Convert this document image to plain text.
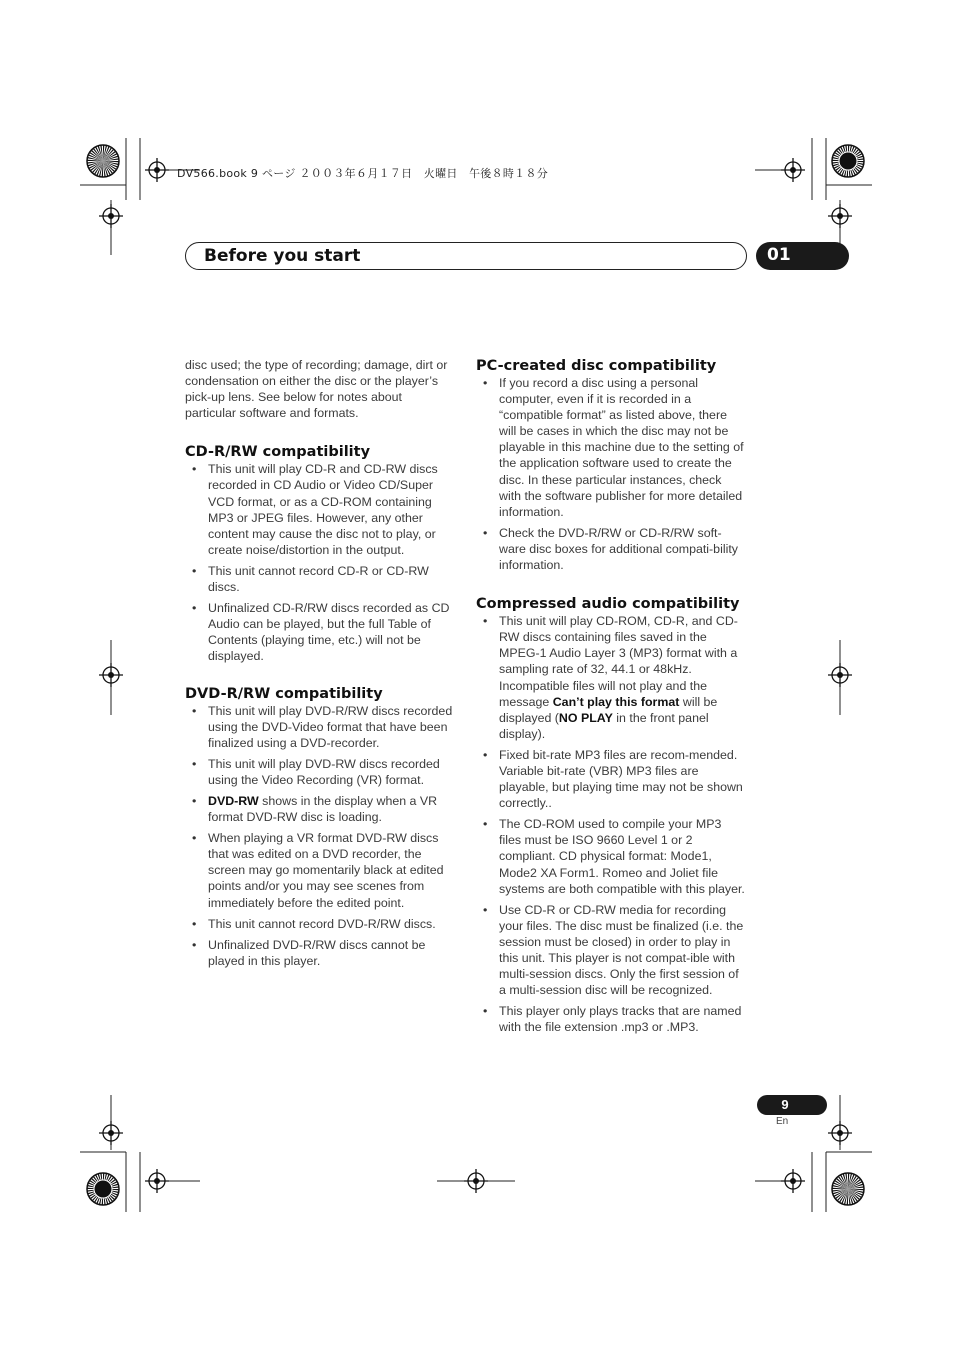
DV566.book 9 ページ ２００３年６月１７日　火曜日　午後８時１８分
Before you start	01

disc used; the type of recording; damage, dirt or condensation on either the disc or the player’s pick-up lens. See below for notes about particular software and formats.

CD-R/RW compatibility
• This unit will play CD-R and CD-RW discs recorded in CD Audio or Video CD/Super VCD format, or as a CD-ROM containing MP3 or JPEG files. However, any other content may cause the disc not to play, or create noise/distortion in the output.
• This unit cannot record CD-R or CD-RW discs.
• Unfinalized CD-R/RW discs recorded as CD Audio can be played, but the full Table of Contents (playing time, etc.) will not be displayed.
DVD-R/RW compatibility
• This unit will play DVD-R/RW discs recorded using the DVD-Video format that have been finalized using a DVD-recorder.
• This unit will play DVD-RW discs recorded using the Video Recording (VR) format.
• DVD-RW shows in the display when a VR format DVD-RW disc is loading.
• When playing a VR format DVD-RW discs that was edited on a DVD recorder, the screen may go momentarily black at edited points and/or you may see scenes from immediately before the edited point.
• This unit cannot record DVD-R/RW discs.
• Unfinalized DVD-R/RW discs cannot be played in this player.
PC-created disc compatibility
• If you record a disc using a personal computer, even if it is recorded in a “compatible format” as listed above, there will be cases in which the disc may not be playable in this machine due to the setting of the application software used to create the disc. In these particular instances, check with the software publisher for more detailed information.
• Check the DVD-R/RW or CD-R/RW soft-ware disc boxes for additional compati-bility information.
Compressed audio compatibility
• This unit will play CD-ROM, CD-R, and CD-RW discs containing files saved in the MPEG-1 Audio Layer 3 (MP3) format with a sampling rate of 32, 44.1 or 48kHz. Incompatible files will not play and the message Can’t play this format will be displayed (NO PLAY in the front panel display).
• Fixed bit-rate MP3 files are recom-mended. Variable bit-rate (VBR) MP3 files are playable, but playing time may not be shown correctly..
• The CD-ROM used to compile your MP3 files must be ISO 9660 Level 1 or 2 compliant. CD physical format: Mode1, Mode2 XA Form1. Romeo and Joliet file systems are both compatible with this player.
• Use CD-R or CD-RW media for recording your files. The disc must be finalized (i.e. the session must be closed) in order to play in this unit. This player is not compat-ible with multi-session discs. Only the first session of a multi-session disc will be recognized.
• This player only plays tracks that are named with the file extension .mp3 or .MP3.
9
En
